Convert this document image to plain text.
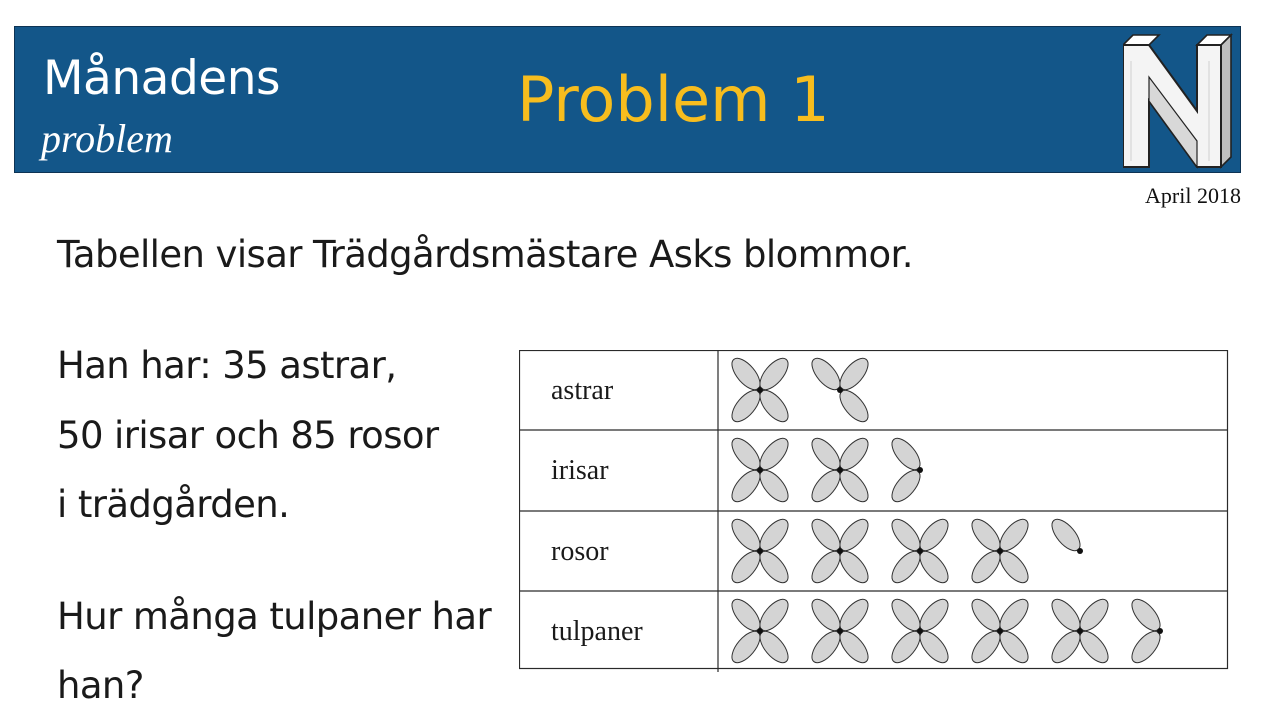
Månadens
problem
Problem 1
April 2018
Tabellen visar Trädgårdsmästare Asks blommor.
Han har: 35 astrar,
50 irisar och 85 rosor
i trädgården.
Hur många tulpaner har
han?
astrar
irisar
rosor
tulpaner
